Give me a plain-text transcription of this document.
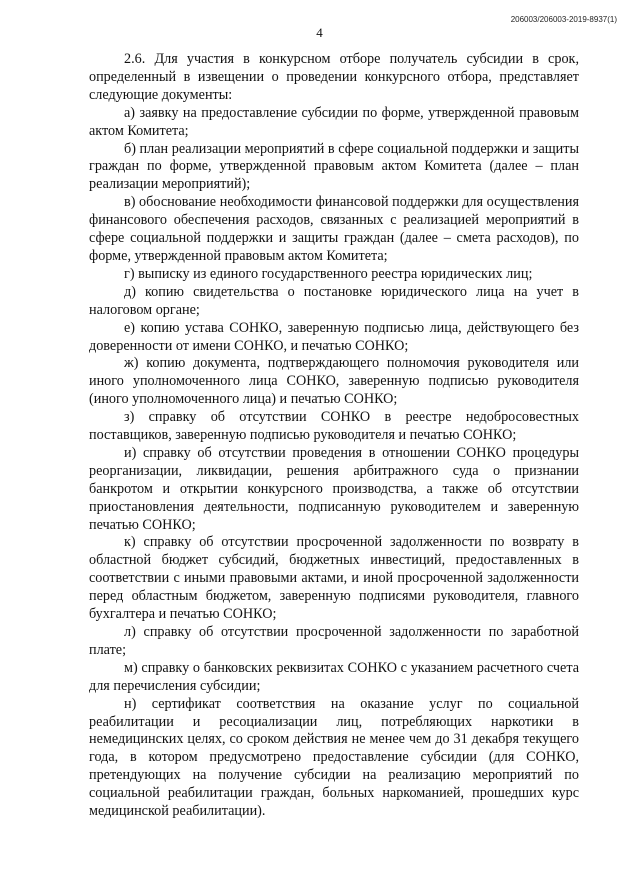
206003/206003-2019-8937(1)
4

2.6. Для участия в конкурсном отборе получатель субсидии в срок, определенный в извещении о проведении конкурсного отбора, представляет следующие документы:

а) заявку на предоставление субсидии по форме, утвержденной правовым актом Комитета;

б) план реализации мероприятий в сфере социальной поддержки и защиты граждан по форме, утвержденной правовым актом Комитета (далее – план реализации мероприятий);

в) обоснование необходимости финансовой поддержки для осуществления финансового обеспечения расходов, связанных с реализацией мероприятий в сфере социальной поддержки и защиты граждан (далее – смета расходов), по форме, утвержденной правовым актом Комитета;

г) выписку из единого государственного реестра юридических лиц;

д) копию свидетельства о постановке юридического лица на учет в налоговом органе;

е) копию устава СОНКО, заверенную подписью лица, действующего без доверенности от имени СОНКО, и печатью СОНКО;

ж) копию документа, подтверждающего полномочия руководителя или иного уполномоченного лица СОНКО, заверенную подписью руководителя (иного уполномоченного лица) и печатью СОНКО;

з) справку об отсутствии СОНКО в реестре недобросовестных поставщиков, заверенную подписью руководителя и печатью СОНКО;

и) справку об отсутствии проведения в отношении СОНКО процедуры реорганизации, ликвидации, решения арбитражного суда о признании банкротом и открытии конкурсного производства, а также об отсутствии приостановления деятельности, подписанную руководителем и заверенную печатью СОНКО;

к) справку об отсутствии просроченной задолженности по возврату в областной бюджет субсидий, бюджетных инвестиций, предоставленных в соответствии с иными правовыми актами, и иной просроченной задолженности перед областным бюджетом, заверенную подписями руководителя, главного бухгалтера и печатью СОНКО;

л) справку об отсутствии просроченной задолженности по заработной плате;

м) справку о банковских реквизитах СОНКО с указанием расчетного счета для перечисления субсидии;

н) сертификат соответствия на оказание услуг по социальной реабилитации и ресоциализации лиц, потребляющих наркотики в немедицинских целях, со сроком действия не менее чем до 31 декабря текущего года, в котором предусмотрено предоставление субсидии (для СОНКО, претендующих на получение субсидии на реализацию мероприятий по социальной реабилитации граждан, больных наркоманией, прошедших курс медицинской реабилитации).
